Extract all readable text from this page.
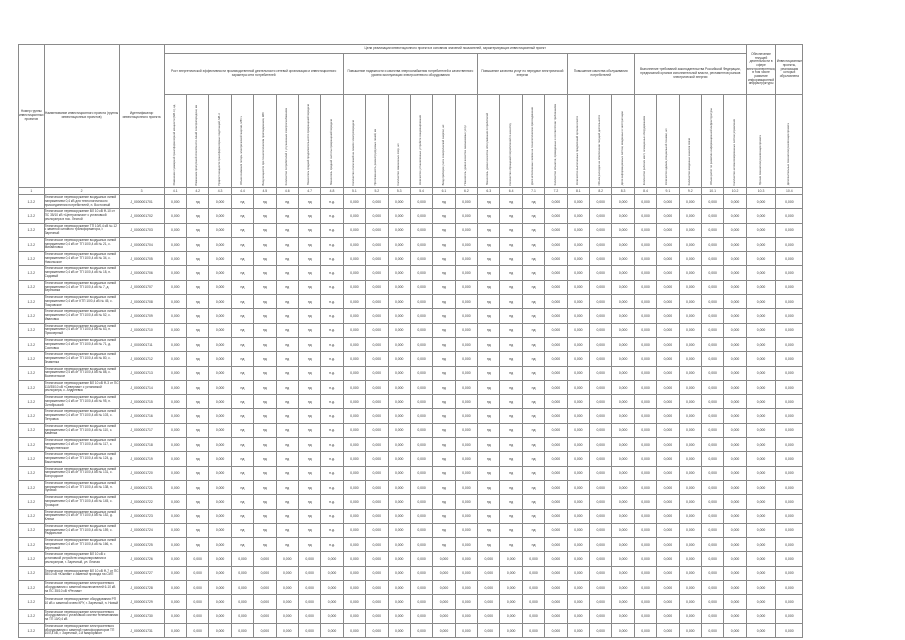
Номер группы инвестиционных проектов	Наименование инвестиционного проекта (группы инвестиционных проектов)	Идентификатор инвестиционного проекта	Цели реализации инвестиционного проекта в основном значений показателей, характеризующих инвестиционный проект																										Обеспечение текущей деятельности в сфере электроэнергетики, в том числе развитие информационной инфраструктуры	Инвестиционные проекты, реализация которых обусловлена
			Рост энергетической эффективности производственной деятельности сетевой организации и инвестиционного характера сети потребителей								Повышение надежности и качества энергоснабжения потребителей и качественного уровня эксплуатации электросетевого оборудования						Повышение качества услуг по передаче электрической энергии				Повышение качества обслуживания потребителей			Выполнение требований законодательства Российской Федерации, предписаний органов исполнительной власти, регламентов рынков электрической энергии						
			Изменение суммарной трансформаторной мощности (МВ·А), ед.	Изменение пропускной способности линий электропередачи, км	Прирост мощности трансформаторных подстанций, МВ·А	Объем снижения потерь электрической энергии, МВт·ч	Ввод мощности при технологическом присоединении, МВт	Количество потребителей с улучшенным электроснабжением	Показатель средней продолжительности прекращений передачи	Показатель средней частоты прекращений передачи	Количество отключений на линиях электропередачи	Протяженность реконструируемых линий, км	Количество замененных опор, шт.	Количество установленных устройств секционирования	Ввод приборов учета электрической энергии, шт.	Показатель уровня качества оказываемых услуг	Показатель уровня качества обслуживания потребителей	Количество обращений потребителей по качеству	Доля исполненных заявок на технологическое присоединение	Количество объектов, приведенных в соответствие требованиям	Количество выполненных предписаний органов власти	Объем расходов на обеспечение текущей деятельности	Доля информационных систем, введенных в эксплуатацию	Количество рабочих мест, оснащенных оборудованием	Количество единиц специальной техники, шт.	Количество введенных каналов связи	Объем работ по развитию информационной инфраструктуры	Количество автоматизированных систем управления	Прочие показатели реализации проекта	Дополнительные показатели реализации проекта
1	2	3	4.1	4.2	4.3	4.4	4.5	4.6	4.7	4.8	5.1	5.2	5.3	5.4	6.1	6.2	6.3	6.4	7.1	7.2	8.1	8.2	8.3	8.4	9.1	9.2	10.1	10.2	10.3	10.4
1.2.2	Техническое перевооружение воздушных линий напряжением 0,4 кВ для технологического присоединения потребителей, п. Восточный	J_0000001701	0,000	нд	0,000	нд	нд	нд	нд	н.д.	0,000	0,000	0,000	0,000	нд	0,000	нд	нд	нд	0,000	0,000	0,000	0,000	0,000	0,000	0,000	0,000	0,000	0,000	0,000
1.2.2	Техническое перевооружение ВЛ 10 кВ Ф-10 от ПС 35/10 кВ «Центральная» с установкой реклоузера в пос. Лесной	J_0000001702	0,000	нд	0,000	нд	нд	нд	нд	н.д.	0,000	0,000	0,000	0,000	нд	0,000	нд	нд	нд	0,000	0,000	0,000	0,000	0,000	0,000	0,000	0,000	0,000	0,000	0,000
1.2.2	Техническое перевооружение ТП 10/0,4 кВ № 12 с заменой силового трансформатора, г. Заречный	J_0000001703	0,000	нд	0,000	нд	нд	нд	нд	н.д.	0,000	0,000	0,000	0,000	нд	0,000	нд	нд	нд	0,000	0,000	0,000	0,000	0,000	0,000	0,000	0,000	0,000	0,000	0,000
1.2.2	Техническое перевооружение воздушных линий напряжением 0,4 кВ от ТП 10/0,4 кВ № 21, с. Михайловка	J_0000001704	0,000	нд	0,000	нд	нд	нд	нд	н.д.	0,000	0,000	0,000	0,000	нд	0,000	нд	нд	нд	0,000	0,000	0,000	0,000	0,000	0,000	0,000	0,000	0,000	0,000	0,000
1.2.2	Техническое перевооружение воздушных линий напряжением 0,4 кВ от ТП 10/0,4 кВ № 34, с. Никольское	J_0000001705	0,000	нд	0,000	нд	нд	нд	нд	н.д.	0,000	0,000	0,000	0,000	нд	0,000	нд	нд	нд	0,000	0,000	0,000	0,000	0,000	0,000	0,000	0,000	0,000	0,000	0,000
1.2.2	Техническое перевооружение воздушных линий напряжением 0,4 кВ от ТП 10/0,4 кВ № 18, п. Садовый	J_0000001706	0,000	нд	0,000	нд	нд	нд	нд	н.д.	0,000	0,000	0,000	0,000	нд	0,000	нд	нд	нд	0,000	0,000	0,000	0,000	0,000	0,000	0,000	0,000	0,000	0,000	0,000
1.2.2	Техническое перевооружение воздушных линий напряжением 0,4 кВ от ТП 10/0,4 кВ № 7, д. Березовка	J_0000001707	0,000	нд	0,000	нд	нд	нд	нд	н.д.	0,000	0,000	0,000	0,000	нд	0,000	нд	нд	нд	0,000	0,000	0,000	0,000	0,000	0,000	0,000	0,000	0,000	0,000	0,000
1.2.2	Техническое перевооружение воздушных линий напряжением 0,4 кВ от КТП 10/0,4 кВ № 45, с. Покровское	J_0000001708	0,000	нд	0,000	нд	нд	нд	нд	н.д.	0,000	0,000	0,000	0,000	нд	0,000	нд	нд	нд	0,000	0,000	0,000	0,000	0,000	0,000	0,000	0,000	0,000	0,000	0,000
1.2.2	Техническое перевооружение воздушных линий напряжением 0,4 кВ от ТП 10/0,4 кВ № 52, с. Ивановка	J_0000001709	0,000	нд	0,000	нд	нд	нд	нд	н.д.	0,000	0,000	0,000	0,000	нд	0,000	нд	нд	нд	0,000	0,000	0,000	0,000	0,000	0,000	0,000	0,000	0,000	0,000	0,000
1.2.2	Техническое перевооружение воздушных линий напряжением 0,4 кВ от ТП 10/0,4 кВ № 63, п. Приозерный	J_0000001710	0,000	нд	0,000	нд	нд	нд	нд	н.д.	0,000	0,000	0,000	0,000	нд	0,000	нд	нд	нд	0,000	0,000	0,000	0,000	0,000	0,000	0,000	0,000	0,000	0,000	0,000
1.2.2	Техническое перевооружение воздушных линий напряжением 0,4 кВ от ТП 10/0,4 кВ № 71, д. Сосновка	J_0000001711	0,000	нд	0,000	нд	нд	нд	нд	н.д.	0,000	0,000	0,000	0,000	нд	0,000	нд	нд	нд	0,000	0,000	0,000	0,000	0,000	0,000	0,000	0,000	0,000	0,000	0,000
1.2.2	Техническое перевооружение воздушных линий напряжением 0,4 кВ от ТП 10/0,4 кВ № 80, с. Знаменка	J_0000001712	0,000	нд	0,000	нд	нд	нд	нд	н.д.	0,000	0,000	0,000	0,000	нд	0,000	нд	нд	нд	0,000	0,000	0,000	0,000	0,000	0,000	0,000	0,000	0,000	0,000	0,000
1.2.2	Техническое перевооружение воздушных линий напряжением 0,4 кВ от ТП 10/0,4 кВ № 88, с. Вознесенское	J_0000001713	0,000	нд	0,000	нд	нд	нд	нд	н.д.	0,000	0,000	0,000	0,000	нд	0,000	нд	нд	нд	0,000	0,000	0,000	0,000	0,000	0,000	0,000	0,000	0,000	0,000	0,000
1.2.2	Техническое перевооружение ВЛ 10 кВ Ф-3 от ПС 110/35/10 кВ «Северная» с установкой реклоузера, с. Андреевка	J_0000001714	0,000	нд	0,000	нд	нд	нд	нд	н.д.	0,000	0,000	0,000	0,000	нд	0,000	нд	нд	нд	0,000	0,000	0,000	0,000	0,000	0,000	0,000	0,000	0,000	0,000	0,000
1.2.2	Техническое перевооружение воздушных линий напряжением 0,4 кВ от ТП 10/0,4 кВ № 95, п. Октябрьский	J_0000001715	0,000	нд	0,000	нд	нд	нд	нд	н.д.	0,000	0,000	0,000	0,000	нд	0,000	нд	нд	нд	0,000	0,000	0,000	0,000	0,000	0,000	0,000	0,000	0,000	0,000	0,000
1.2.2	Техническое перевооружение воздушных линий напряжением 0,4 кВ от ТП 10/0,4 кВ № 103, с. Петровка	J_0000001716	0,000	нд	0,000	нд	нд	нд	нд	н.д.	0,000	0,000	0,000	0,000	нд	0,000	нд	нд	нд	0,000	0,000	0,000	0,000	0,000	0,000	0,000	0,000	0,000	0,000	0,000
1.2.2	Техническое перевооружение воздушных линий напряжением 0,4 кВ от ТП 10/0,4 кВ № 110, с. Каменка	J_0000001717	0,000	нд	0,000	нд	нд	нд	нд	н.д.	0,000	0,000	0,000	0,000	нд	0,000	нд	нд	нд	0,000	0,000	0,000	0,000	0,000	0,000	0,000	0,000	0,000	0,000	0,000
1.2.2	Техническое перевооружение воздушных линий напряжением 0,4 кВ от ТП 10/0,4 кВ № 117, с. Рождественское	J_0000001718	0,000	нд	0,000	нд	нд	нд	нд	н.д.	0,000	0,000	0,000	0,000	нд	0,000	нд	нд	нд	0,000	0,000	0,000	0,000	0,000	0,000	0,000	0,000	0,000	0,000	0,000
1.2.2	Техническое перевооружение воздушных линий напряжением 0,4 кВ от ТП 10/0,4 кВ № 124, д. Васильевка	J_0000001719	0,000	нд	0,000	нд	нд	нд	нд	н.д.	0,000	0,000	0,000	0,000	нд	0,000	нд	нд	нд	0,000	0,000	0,000	0,000	0,000	0,000	0,000	0,000	0,000	0,000	0,000
1.2.2	Техническое перевооружение воздушных линий напряжением 0,4 кВ от ТП 10/0,4 кВ № 131, с. Богородское	J_0000001720	0,000	нд	0,000	нд	нд	нд	нд	н.д.	0,000	0,000	0,000	0,000	нд	0,000	нд	нд	нд	0,000	0,000	0,000	0,000	0,000	0,000	0,000	0,000	0,000	0,000	0,000
1.2.2	Техническое перевооружение воздушных линий напряжением 0,4 кВ от ТП 10/0,4 кВ № 138, п. Луговой	J_0000001721	0,000	нд	0,000	нд	нд	нд	нд	н.д.	0,000	0,000	0,000	0,000	нд	0,000	нд	нд	нд	0,000	0,000	0,000	0,000	0,000	0,000	0,000	0,000	0,000	0,000	0,000
1.2.2	Техническое перевооружение воздушных линий напряжением 0,4 кВ от ТП 10/0,4 кВ № 145, с. Троицкое	J_0000001722	0,000	нд	0,000	нд	нд	нд	нд	н.д.	0,000	0,000	0,000	0,000	нд	0,000	нд	нд	нд	0,000	0,000	0,000	0,000	0,000	0,000	0,000	0,000	0,000	0,000	0,000
1.2.2	Техническое перевооружение воздушных линий напряжением 0,4 кВ от ТП 10/0,4 кВ № 152, д. Ключи	J_0000001723	0,000	нд	0,000	нд	нд	нд	нд	н.д.	0,000	0,000	0,000	0,000	нд	0,000	нд	нд	нд	0,000	0,000	0,000	0,000	0,000	0,000	0,000	0,000	0,000	0,000	0,000
1.2.2	Техническое перевооружение воздушных линий напряжением 0,4 кВ от ТП 10/0,4 кВ № 159, с. Раздольное	J_0000001724	0,000	нд	0,000	нд	нд	нд	нд	н.д.	0,000	0,000	0,000	0,000	нд	0,000	нд	нд	нд	0,000	0,000	0,000	0,000	0,000	0,000	0,000	0,000	0,000	0,000	0,000
1.2.2	Техническое перевооружение воздушных линий напряжением 0,4 кВ от ТП 10/0,4 кВ № 166, п. Береговой	J_0000001725	0,000	нд	0,000	нд	нд	нд	нд	н.д.	0,000	0,000	0,000	0,000	нд	0,000	нд	нд	нд	0,000	0,000	0,000	0,000	0,000	0,000	0,000	0,000	0,000	0,000	0,000
1.2.2	Техническое перевооружение ВЛ 10 кВ с установкой устройств секционирования и реклоузеров, г. Заречный, ул. Лесная	J_0000001726	0,000	0,000	0,000	0,000	0,000	0,000	0,000	0,000	0,000	0,000	0,000	0,000	0,000	0,000	0,000	0,000	0,000	0,000	0,000	0,000	0,000	0,000	0,000	0,000	0,000	0,000	0,000	0,000
1.2.2	Техническое перевооружение ВЛ 10 кВ Ф-7 от ПС 35/10 кВ «Южная» с заменой провода на СИП	J_0000001727	0,000	0,000	0,000	0,000	0,000	0,000	0,000	0,000	0,000	0,000	0,000	0,000	0,000	0,000	0,000	0,000	0,000	0,000	0,000	0,000	0,000	0,000	0,000	0,000	0,000	0,000	0,000	0,000
1.2.2	Техническое перевооружение электросетевого оборудования с заменой выключателей 6-10 кВ на ПС 35/10 кВ «Речная»	J_0000001728	0,000	0,000	0,000	0,000	0,000	0,000	0,000	0,000	0,000	0,000	0,000	0,000	0,000	0,000	0,000	0,000	0,000	0,000	0,000	0,000	0,000	0,000	0,000	0,000	0,000	0,000	0,000	0,000
1.2.2	Техническое перевооружение оборудования РП 10 кВ с заменой ячеек КРУ, г. Заречный, п. Новый	J_0000001729	0,000	0,000	0,000	0,000	0,000	0,000	0,000	0,000	0,000	0,000	0,000	0,000	0,000	0,000	0,000	0,000	0,000	0,000	0,000	0,000	0,000	0,000	0,000	0,000	0,000	0,000	0,000	0,000
1.2.2	Техническое перевооружение электросетевого оборудования с установкой систем телемеханики на ТП 10/0,4 кВ	J_0000001730	0,000	0,000	0,000	0,000	0,000	0,000	0,000	0,000	0,000	0,000	0,000	0,000	0,000	0,000	0,000	0,000	0,000	0,000	0,000	0,000	0,000	0,000	0,000	0,000	0,000	0,000	0,000	0,000
1.2.2	Техническое перевооружение электросетевого оборудования с заменой трансформаторов ТП 10/0,4 кВ, г. Заречный, 2-й микрорайон	J_0000001731	0,000	0,000	0,000	0,000	0,000	0,000	0,000	0,000	0,000	0,000	0,000	0,000	0,000	0,000	0,000	0,000	0,000	0,000	0,000	0,000	0,000	0,000	0,000	0,000	0,000	0,000	0,000	0,000
